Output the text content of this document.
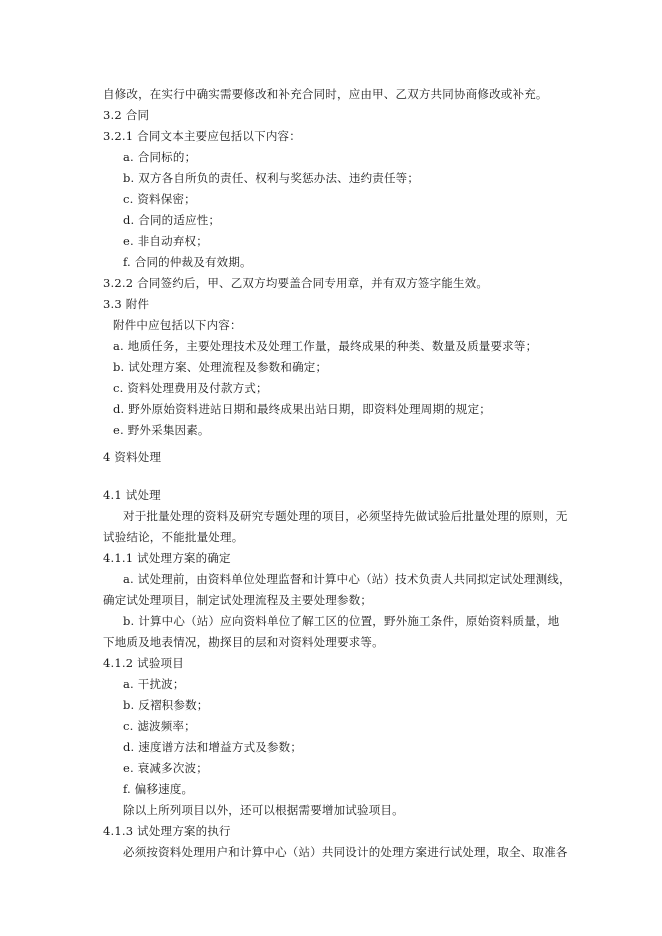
自修改，在实行中确实需要修改和补充合同时，应由甲、乙双方共同协商修改或补充。
3.2 合同
3.2.1 合同文本主要应包括以下内容：
a. 合同标的；
b. 双方各自所负的责任、权利与奖惩办法、违约责任等；
c. 资料保密；
d. 合同的适应性；
e. 非自动弃权；
f. 合同的仲裁及有效期。
3.2.2 合同签约后，甲、乙双方均要盖合同专用章，并有双方签字能生效。
3.3 附件
附件中应包括以下内容：
a. 地质任务，主要处理技术及处理工作量，最终成果的种类、数量及质量要求等；
b. 试处理方案、处理流程及参数和确定；
c. 资料处理费用及付款方式；
d. 野外原始资料进站日期和最终成果出站日期，即资料处理周期的规定；
e. 野外采集因素。
4 资料处理
4.1 试处理
对于批量处理的资料及研究专题处理的项目，必须坚持先做试验后批量处理的原则，无
试验结论，不能批量处理。
4.1.1 试处理方案的确定
a. 试处理前，由资料单位处理监督和计算中心（站）技术负责人共同拟定试处理测线，
确定试处理项目，制定试处理流程及主要处理参数；
b. 计算中心（站）应向资料单位了解工区的位置，野外施工条件，原始资料质量，地
下地质及地表情况，勘探目的层和对资料处理要求等。
4.1.2 试验项目
a. 干扰波；
b. 反褶积参数；
c. 滤波频率；
d. 速度谱方法和增益方式及参数；
e. 衰减多次波；
f. 偏移速度。
除以上所列项目以外，还可以根据需要增加试验项目。
4.1.3 试处理方案的执行
必须按资料处理用户和计算中心（站）共同设计的处理方案进行试处理，取全、取准各
